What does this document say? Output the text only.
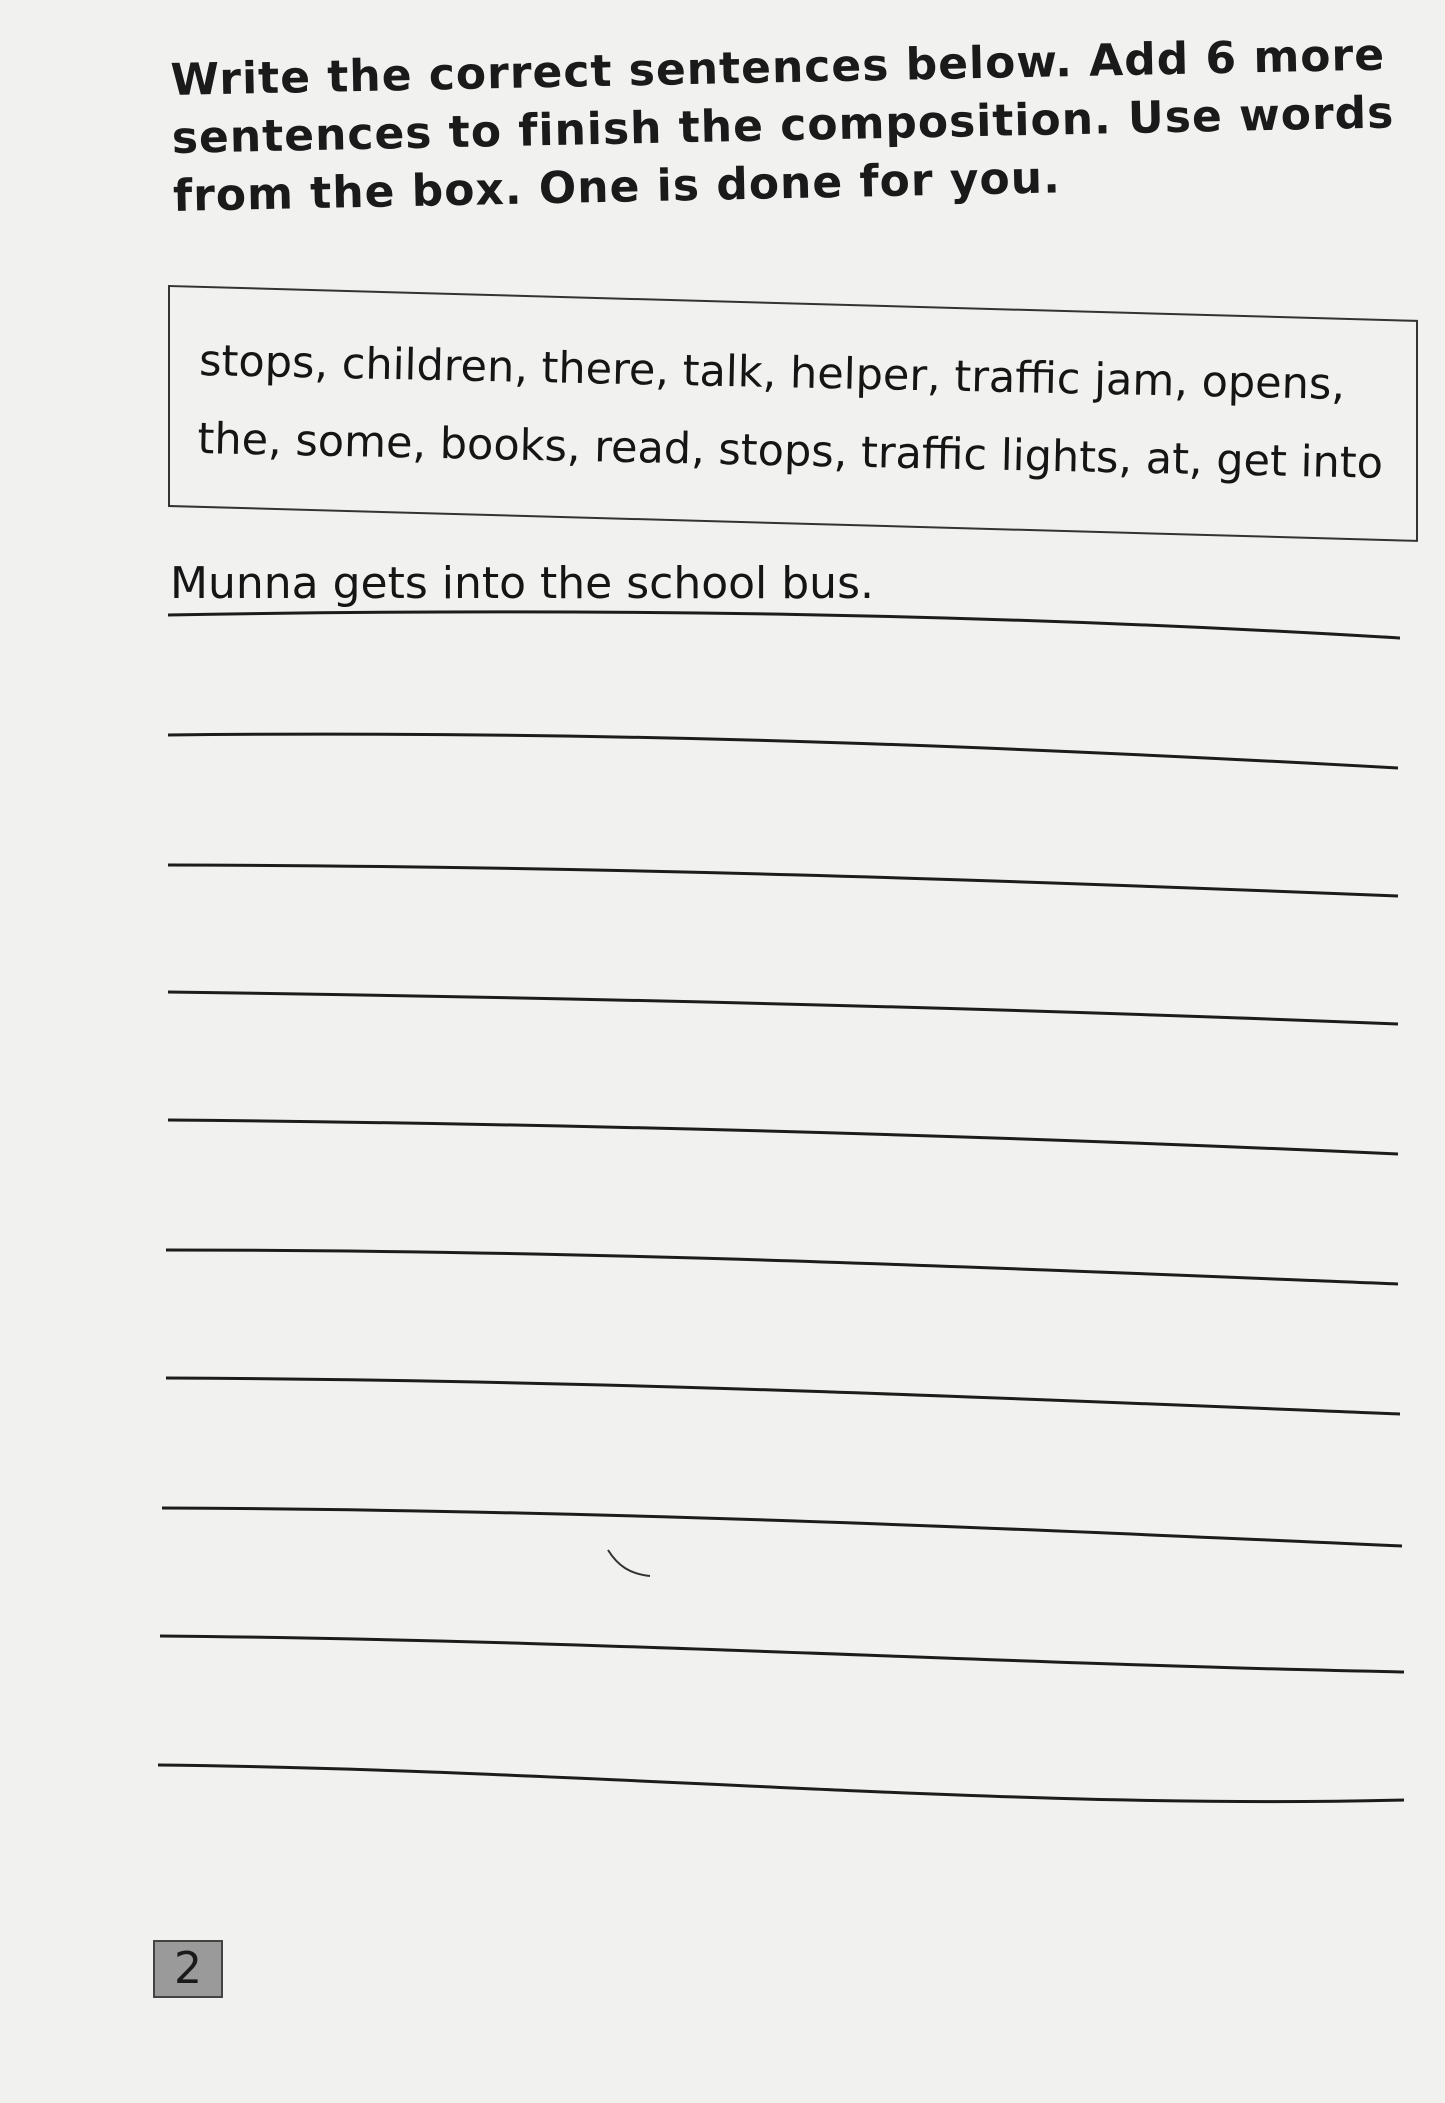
Write the correct sentences below. Add 6 more
sentences to finish the composition. Use words
from the box. One is done for you.
stops, children, there, talk, helper, traffic jam, opens,
the, some, books, read, stops, traffic lights, at, get into
Munna gets into the school bus.
2
